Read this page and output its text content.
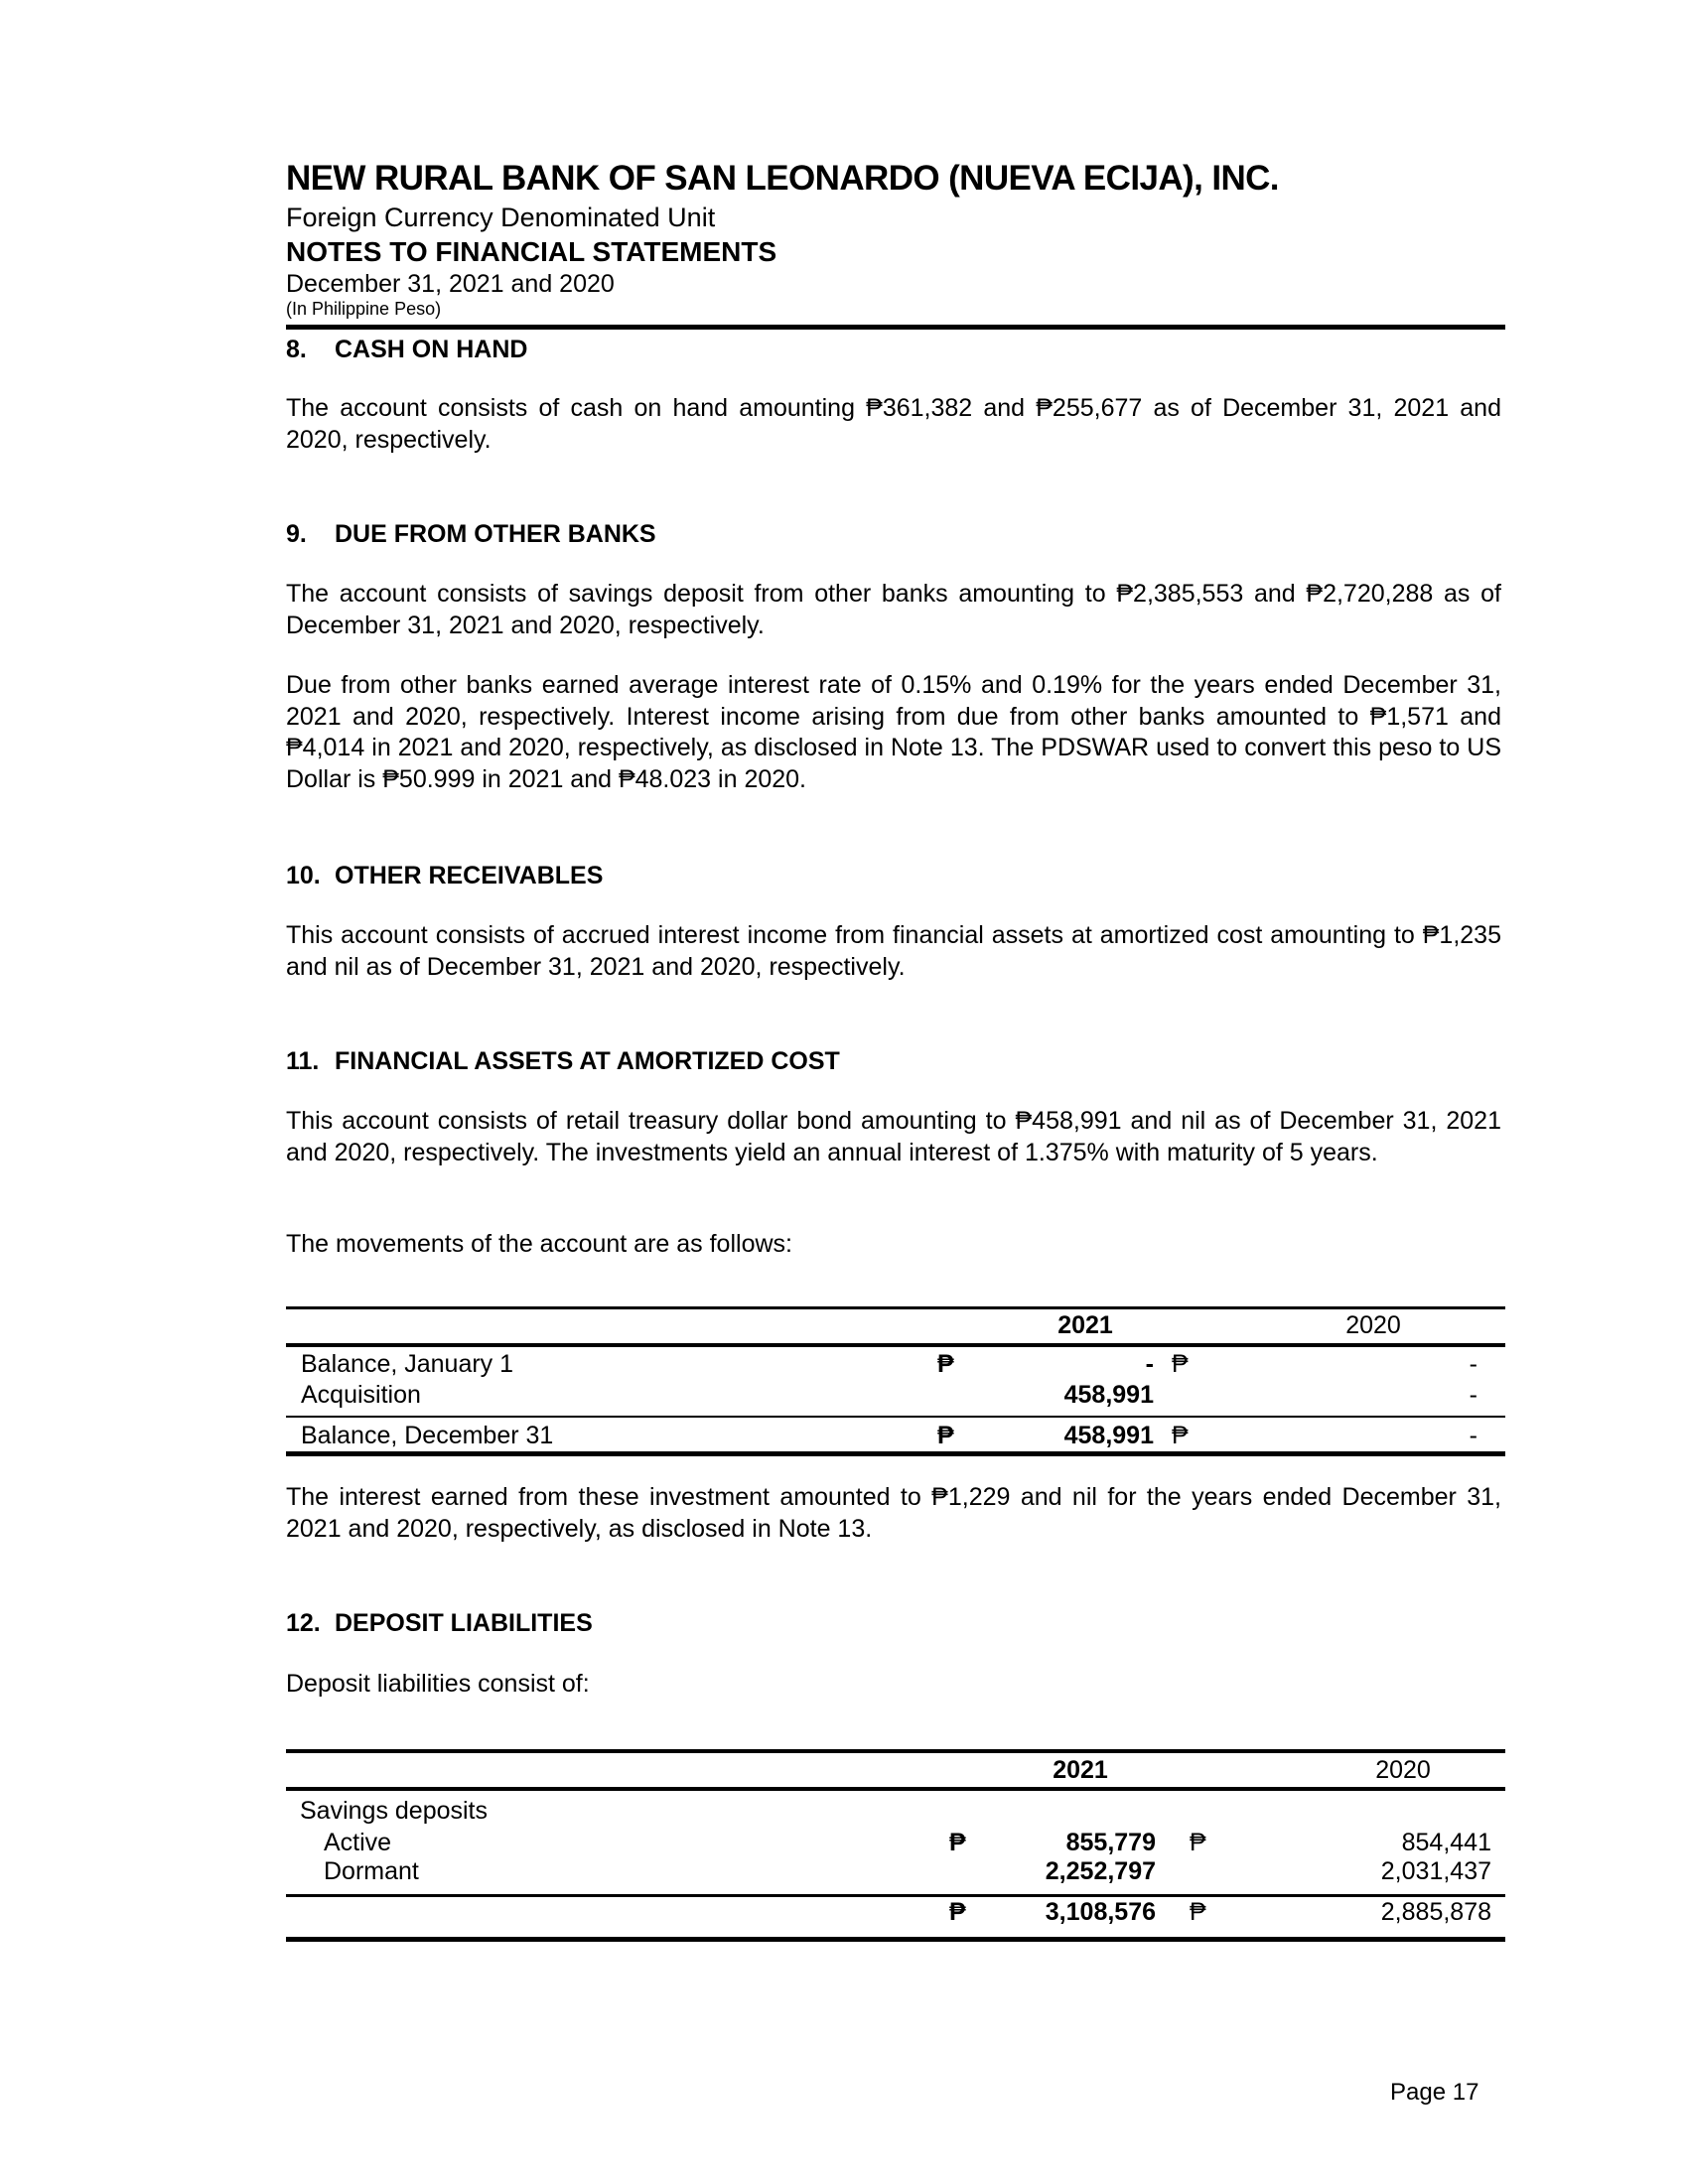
NEW RURAL BANK OF SAN LEONARDO (NUEVA ECIJA), INC.
Foreign Currency Denominated Unit
NOTES TO FINANCIAL STATEMENTS
December 31, 2021 and 2020
(In Philippine Peso)
8. CASH ON HAND
The account consists of cash on hand amounting ₱361,382 and ₱255,677 as of December 31, 2021 and 2020, respectively.
9. DUE FROM OTHER BANKS
The account consists of savings deposit from other banks amounting to ₱2,385,553 and ₱2,720,288 as of December 31, 2021 and 2020, respectively.
Due from other banks earned average interest rate of 0.15% and 0.19% for the years ended December 31, 2021 and 2020, respectively. Interest income arising from due from other banks amounted to ₱1,571 and ₱4,014 in 2021 and 2020, respectively, as disclosed in Note 13. The PDSWAR used to convert this peso to US Dollar is ₱50.999 in 2021 and ₱48.023 in 2020.
10. OTHER RECEIVABLES
This account consists of accrued interest income from financial assets at amortized cost amounting to ₱1,235 and nil as of December 31, 2021 and 2020, respectively.
11. FINANCIAL ASSETS AT AMORTIZED COST
This account consists of retail treasury dollar bond amounting to ₱458,991 and nil as of December 31, 2021 and 2020, respectively. The investments yield an annual interest of 1.375% with maturity of 5 years.
The movements of the account are as follows:
2021	2020
Balance, January 1	₱	- ₱	-
Acquisition	458,991	-
Balance, December 31	₱	458,991 ₱	-
The interest earned from these investment amounted to ₱1,229 and nil for the years ended December 31, 2021 and 2020, respectively, as disclosed in Note 13.
12. DEPOSIT LIABILITIES
Deposit liabilities consist of:
2021	2020
Savings deposits
Active	₱	855,779 ₱	854,441
Dormant	2,252,797	2,031,437
₱	3,108,576 ₱	2,885,878
Page 17
